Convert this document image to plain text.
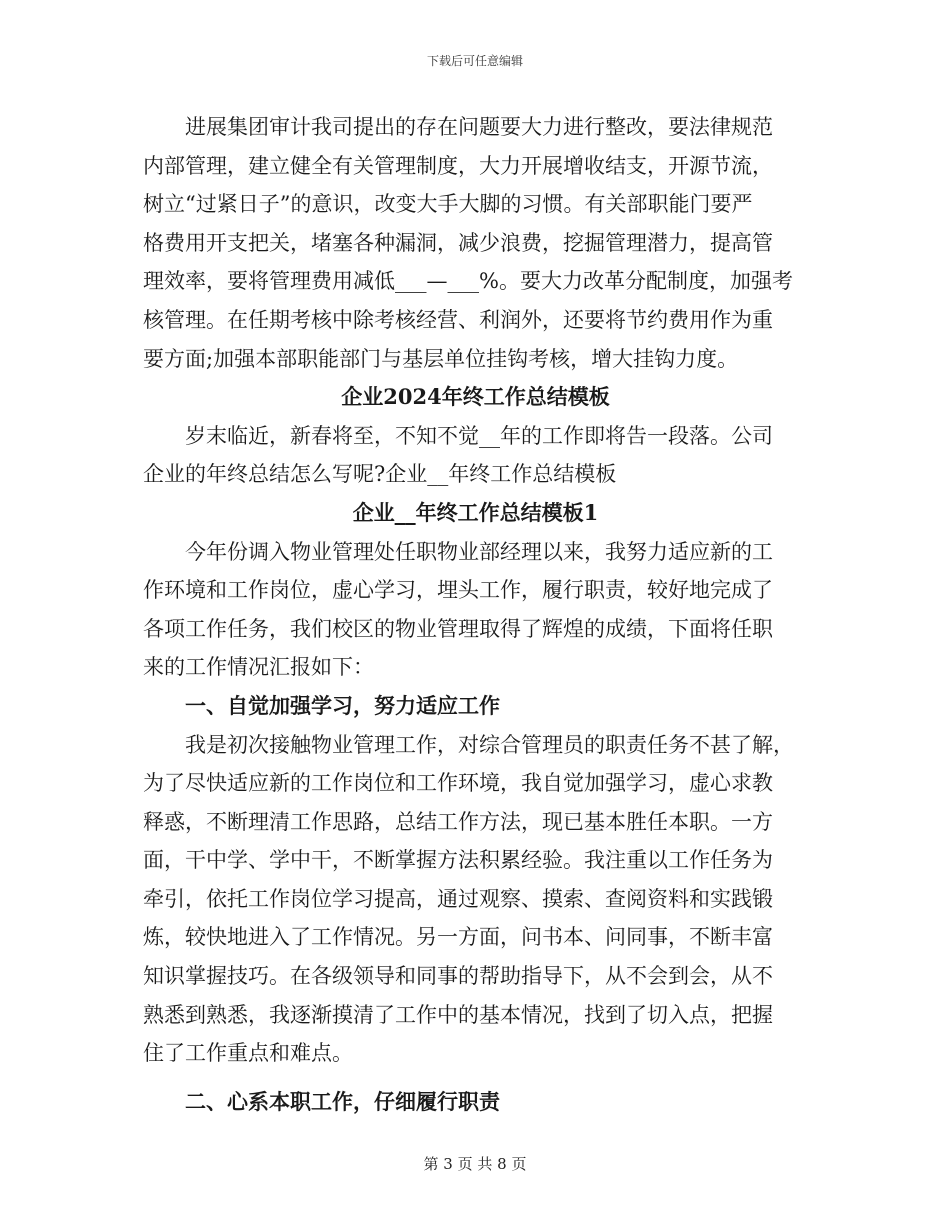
下载后可任意编辑
进展集团审计我司提出的存在问题要大力进行整改，要法律规范
内部管理，建立健全有关管理制度，大力开展增收结支，开源节流，
树立“过紧日子”的意识，改变大手大脚的习惯。有关部职能门要严
格费用开支把关，堵塞各种漏洞，减少浪费，挖掘管理潜力，提高管
理效率，要将管理费用减低___—___%。要大力改革分配制度，加强考
核管理。在任期考核中除考核经营、利润外，还要将节约费用作为重
要方面;加强本部职能部门与基层单位挂钩考核，增大挂钩力度。
企业2024年终工作总结模板
岁末临近，新春将至，不知不觉__年的工作即将告一段落。公司
企业的年终总结怎么写呢?企业__年终工作总结模板
企业__年终工作总结模板1
今年份调入物业管理处任职物业部经理以来，我努力适应新的工
作环境和工作岗位，虚心学习，埋头工作，履行职责，较好地完成了
各项工作任务，我们校区的物业管理取得了辉煌的成绩，下面将任职
来的工作情况汇报如下：
一、自觉加强学习，努力适应工作
我是初次接触物业管理工作，对综合管理员的职责任务不甚了解，
为了尽快适应新的工作岗位和工作环境，我自觉加强学习，虚心求教
释惑，不断理清工作思路，总结工作方法，现已基本胜任本职。一方
面，干中学、学中干，不断掌握方法积累经验。我注重以工作任务为
牵引，依托工作岗位学习提高，通过观察、摸索、查阅资料和实践锻
炼，较快地进入了工作情况。另一方面，问书本、问同事，不断丰富
知识掌握技巧。在各级领导和同事的帮助指导下，从不会到会，从不
熟悉到熟悉，我逐渐摸清了工作中的基本情况，找到了切入点，把握
住了工作重点和难点。
二、心系本职工作，仔细履行职责
第 3 页 共 8 页
